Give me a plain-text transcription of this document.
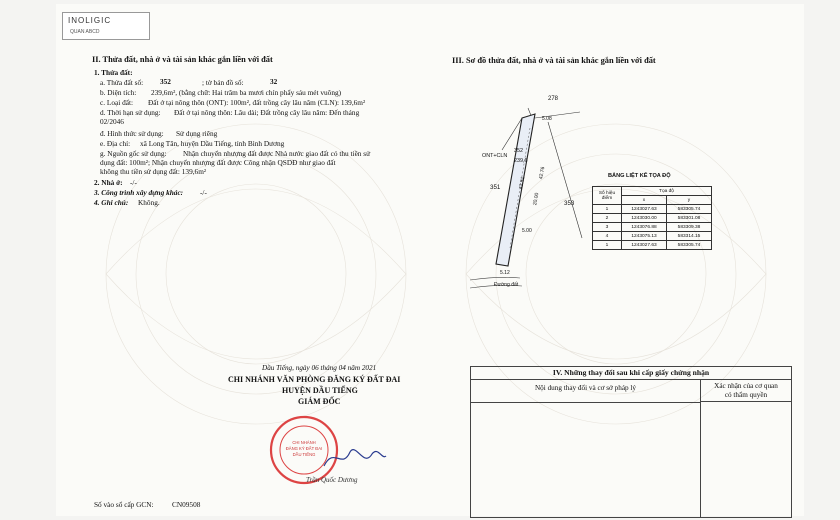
INOLIGIC
QUAN ABCD
II. Thửa đất, nhà ở và tài sản khác gắn liền với đất
1. Thửa đất:
a. Thửa đất số: 352	; tờ bản đồ số:	32
b. Diện tích: 239,6m², (bằng chữ: Hai trăm ba mươi chín phẩy sáu mét vuông)
c. Loại đất: Đất ở tại nông thôn (ONT): 100m², đất trồng cây lâu năm (CLN): 139,6m²
d. Thời hạn sử dụng: Đất ở tại nông thôn: Lâu dài; Đất trồng cây lâu năm: Đến tháng
02/2046
đ. Hình thức sử dụng: Sử dụng riêng
e. Địa chỉ: xã Long Tân, huyện Dầu Tiếng, tỉnh Bình Dương
g. Nguồn gốc sử dụng: Nhận chuyển nhượng đất được Nhà nước giao đất có thu tiền sử
dụng đất: 100m²; Nhận chuyển nhượng đất được Công nhận QSDĐ như giao đất
không thu tiền sử dụng đất: 139,6m²
2. Nhà ở: -/-
3. Công trình xây dựng khác: -/-
4. Ghi chú: Không.
III. Sơ đồ thửa đất, nhà ở và tài sản khác gắn liền với đất
278
ONT+CLN
352
239,6
351
353
5.08
42.51
20.00
42.76
5.00
5.12
Đường đất
BẢNG LIỆT KÊ TỌA ĐỘ
Số hiệu điểm	Tọa độ	
	x	y
1	1243027.63	583305.74
2	1243030.00	583301.08
3	1243076.88	583309.38
4	1243075.13	583314.15
1	1243027.63	583305.74
Dầu Tiếng, ngày 06 tháng 04 năm 2021
CHI NHÁNH VĂN PHÒNG ĐĂNG KÝ ĐẤT ĐAI
HUYỆN DẦU TIẾNG
GIÁM ĐỐC
CHI NHÁNH
ĐĂNG KÝ ĐẤT ĐAI
DẦU TIẾNG
Trần Quốc Dương
IV. Những thay đổi sau khi cấp giấy chứng nhận
Nội dung thay đổi và cơ sở pháp lý	Xác nhận của cơ quan
có thẩm quyền
Số vào sổ cấp GCN:	CN09508
